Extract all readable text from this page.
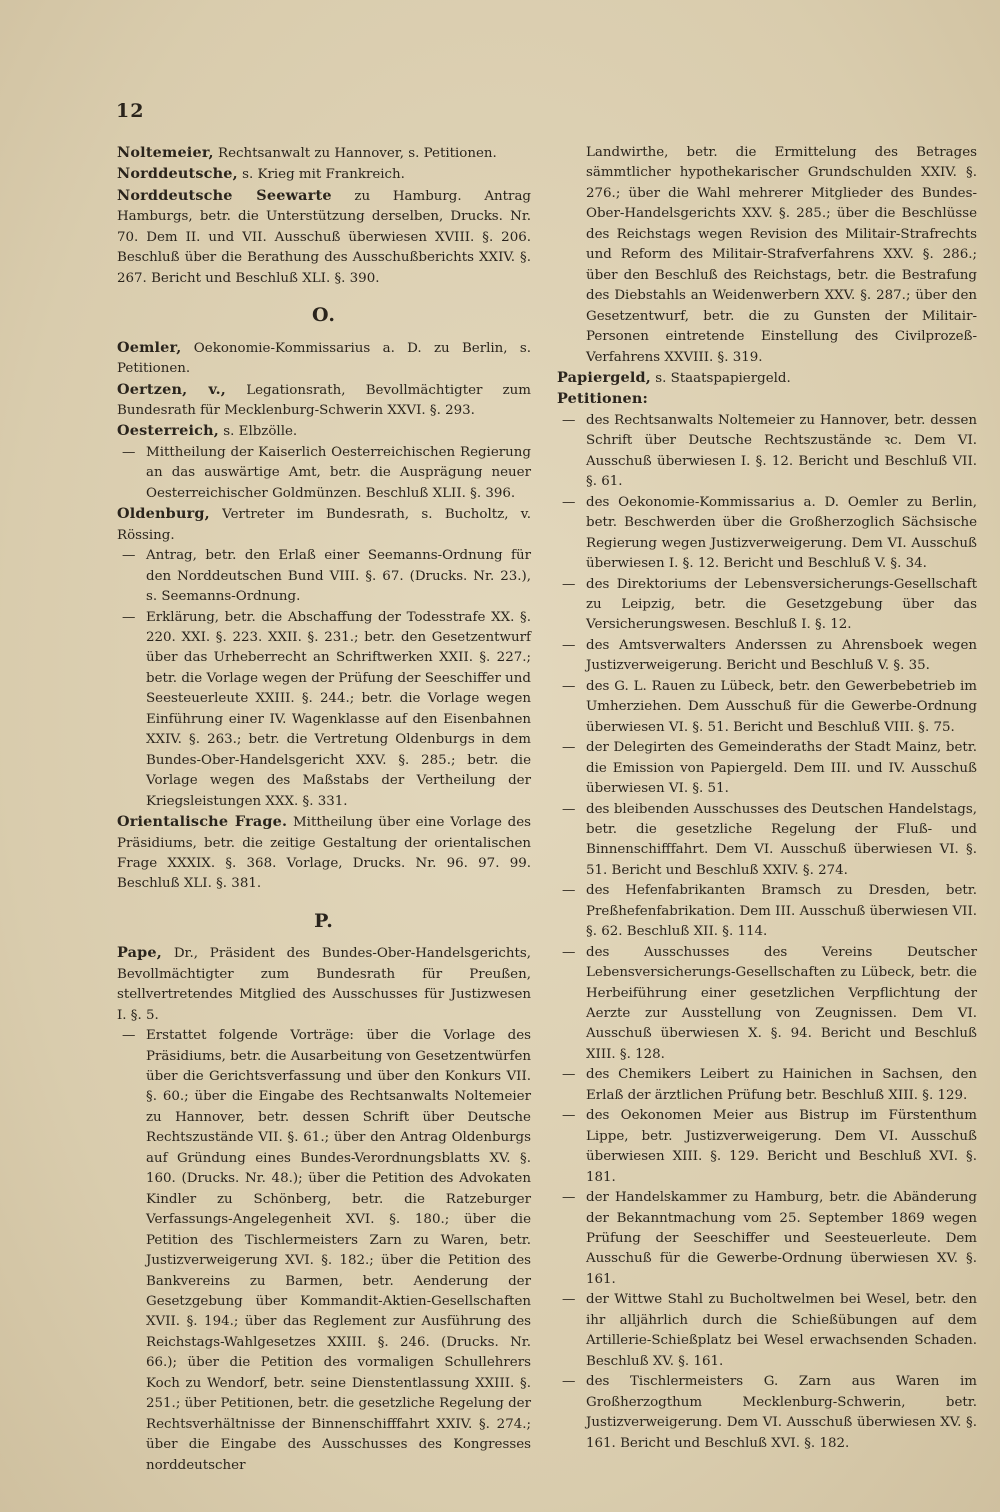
12

Noltemeier, Rechtsanwalt zu Hannover, s. Petitionen.

Norddeutsche, s. Krieg mit Frankreich.

Norddeutsche Seewarte zu Hamburg. Antrag Hamburgs, betr. die Unterstützung derselben, Drucks. Nr. 70. Dem II. und VII. Ausschuß überwiesen XVIII. §. 206. Beschluß über die Berathung des Ausschußberichts XXIV. §. 267. Bericht und Beschluß XLI. §. 390.

O.

Oemler, Oekonomie-Kommissarius a. D. zu Berlin, s. Petitionen.

Oertzen, v., Legationsrath, Bevollmächtigter zum Bundesrath für Mecklenburg-Schwerin XXVI. §. 293.

Oesterreich, s. Elbzölle.

— Mittheilung der Kaiserlich Oesterreichischen Regierung an das auswärtige Amt, betr. die Ausprägung neuer Oesterreichischer Goldmünzen. Beschluß XLII. §. 396.

Oldenburg, Vertreter im Bundesrath, s. Bucholtz, v. Rössing.

— Antrag, betr. den Erlaß einer Seemanns-Ordnung für den Norddeutschen Bund VIII. §. 67. (Drucks. Nr. 23.), s. Seemanns-Ordnung.

— Erklärung, betr. die Abschaffung der Todesstrafe XX. §. 220. XXI. §. 223. XXII. §. 231.; betr. den Gesetzentwurf über das Urheberrecht an Schriftwerken XXII. §. 227.; betr. die Vorlage wegen der Prüfung der Seeschiffer und Seesteuerleute XXIII. §. 244.; betr. die Vorlage wegen Einführung einer IV. Wagenklasse auf den Eisenbahnen XXIV. §. 263.; betr. die Vertretung Oldenburgs in dem Bundes-Ober-Handelsgericht XXV. §. 285.; betr. die Vorlage wegen des Maßstabs der Vertheilung der Kriegsleistungen XXX. §. 331.

Orientalische Frage. Mittheilung über eine Vorlage des Präsidiums, betr. die zeitige Gestaltung der orientalischen Frage XXXIX. §. 368. Vorlage, Drucks. Nr. 96. 97. 99. Beschluß XLI. §. 381.

P.

Pape, Dr., Präsident des Bundes-Ober-Handelsgerichts, Bevollmächtigter zum Bundesrath für Preußen, stellvertretendes Mitglied des Ausschusses für Justizwesen I. §. 5.

— Erstattet folgende Vorträge: über die Vorlage des Präsidiums, betr. die Ausarbeitung von Gesetzentwürfen über die Gerichtsverfassung und über den Konkurs VII. §. 60.; über die Eingabe des Rechtsanwalts Noltemeier zu Hannover, betr. dessen Schrift über Deutsche Rechtszustände VII. §. 61.; über den Antrag Oldenburgs auf Gründung eines Bundes-Verordnungsblatts XV. §. 160. (Drucks. Nr. 48.); über die Petition des Advokaten Kindler zu Schönberg, betr. die Ratzeburger Verfassungs-Angelegenheit XVI. §. 180.; über die Petition des Tischlermeisters Zarn zu Waren, betr. Justizverweigerung XVI. §. 182.; über die Petition des Bankvereins zu Barmen, betr. Aenderung der Gesetzgebung über Kommandit-Aktien-Gesellschaften XVII. §. 194.; über das Reglement zur Ausführung des Reichstags-Wahlgesetzes XXIII. §. 246. (Drucks. Nr. 66.); über die Petition des vormaligen Schullehrers Koch zu Wendorf, betr. seine Dienstentlassung XXIII. §. 251.; über Petitionen, betr. die gesetzliche Regelung der Rechtsverhältnisse der Binnenschifffahrt XXIV. §. 274.; über die Eingabe des Ausschusses des Kongresses norddeutscher

Landwirthe, betr. die Ermittelung des Betrages sämmtlicher hypothekarischer Grundschulden XXIV. §. 276.; über die Wahl mehrerer Mitglieder des Bundes-Ober-Handelsgerichts XXV. §. 285.; über die Beschlüsse des Reichstags wegen Revision des Militair-Strafrechts und Reform des Militair-Strafverfahrens XXV. §. 286.; über den Beschluß des Reichstags, betr. die Bestrafung des Diebstahls an Weidenwerbern XXV. §. 287.; über den Gesetzentwurf, betr. die zu Gunsten der Militair-Personen eintretende Einstellung des Civilprozeß-Verfahrens XXVIII. §. 319.

Papiergeld, s. Staatspapiergeld.

Petitionen:

— des Rechtsanwalts Noltemeier zu Hannover, betr. dessen Schrift über Deutsche Rechtszustände ꝛc. Dem VI. Ausschuß überwiesen I. §. 12. Bericht und Beschluß VII. §. 61.

— des Oekonomie-Kommissarius a. D. Oemler zu Berlin, betr. Beschwerden über die Großherzoglich Sächsische Regierung wegen Justizverweigerung. Dem VI. Ausschuß überwiesen I. §. 12. Bericht und Beschluß V. §. 34.

— des Direktoriums der Lebensversicherungs-Gesellschaft zu Leipzig, betr. die Gesetzgebung über das Versicherungswesen. Beschluß I. §. 12.

— des Amtsverwalters Anderssen zu Ahrensboek wegen Justizverweigerung. Bericht und Beschluß V. §. 35.

— des G. L. Rauen zu Lübeck, betr. den Gewerbebetrieb im Umherziehen. Dem Ausschuß für die Gewerbe-Ordnung überwiesen VI. §. 51. Bericht und Beschluß VIII. §. 75.

— der Delegirten des Gemeinderaths der Stadt Mainz, betr. die Emission von Papiergeld. Dem III. und IV. Ausschuß überwiesen VI. §. 51.

— des bleibenden Ausschusses des Deutschen Handelstags, betr. die gesetzliche Regelung der Fluß- und Binnenschifffahrt. Dem VI. Ausschuß überwiesen VI. §. 51. Bericht und Beschluß XXIV. §. 274.

— des Hefenfabrikanten Bramsch zu Dresden, betr. Preßhefenfabrikation. Dem III. Ausschuß überwiesen VII. §. 62. Beschluß XII. §. 114.

— des Ausschusses des Vereins Deutscher Lebensversicherungs-Gesellschaften zu Lübeck, betr. die Herbeiführung einer gesetzlichen Verpflichtung der Aerzte zur Ausstellung von Zeugnissen. Dem VI. Ausschuß überwiesen X. §. 94. Bericht und Beschluß XIII. §. 128.

— des Chemikers Leibert zu Hainichen in Sachsen, den Erlaß der ärztlichen Prüfung betr. Beschluß XIII. §. 129.

— des Oekonomen Meier aus Bistrup im Fürstenthum Lippe, betr. Justizverweigerung. Dem VI. Ausschuß überwiesen XIII. §. 129. Bericht und Beschluß XVI. §. 181.

— der Handelskammer zu Hamburg, betr. die Abänderung der Bekanntmachung vom 25. September 1869 wegen Prüfung der Seeschiffer und Seesteuerleute. Dem Ausschuß für die Gewerbe-Ordnung überwiesen XV. §. 161.

— der Wittwe Stahl zu Bucholtwelmen bei Wesel, betr. den ihr alljährlich durch die Schießübungen auf dem Artillerie-Schießplatz bei Wesel erwachsenden Schaden. Beschluß XV. §. 161.

— des Tischlermeisters G. Zarn aus Waren im Großherzogthum Mecklenburg-Schwerin, betr. Justizverweigerung. Dem VI. Ausschuß überwiesen XV. §. 161. Bericht und Beschluß XVI. §. 182.
